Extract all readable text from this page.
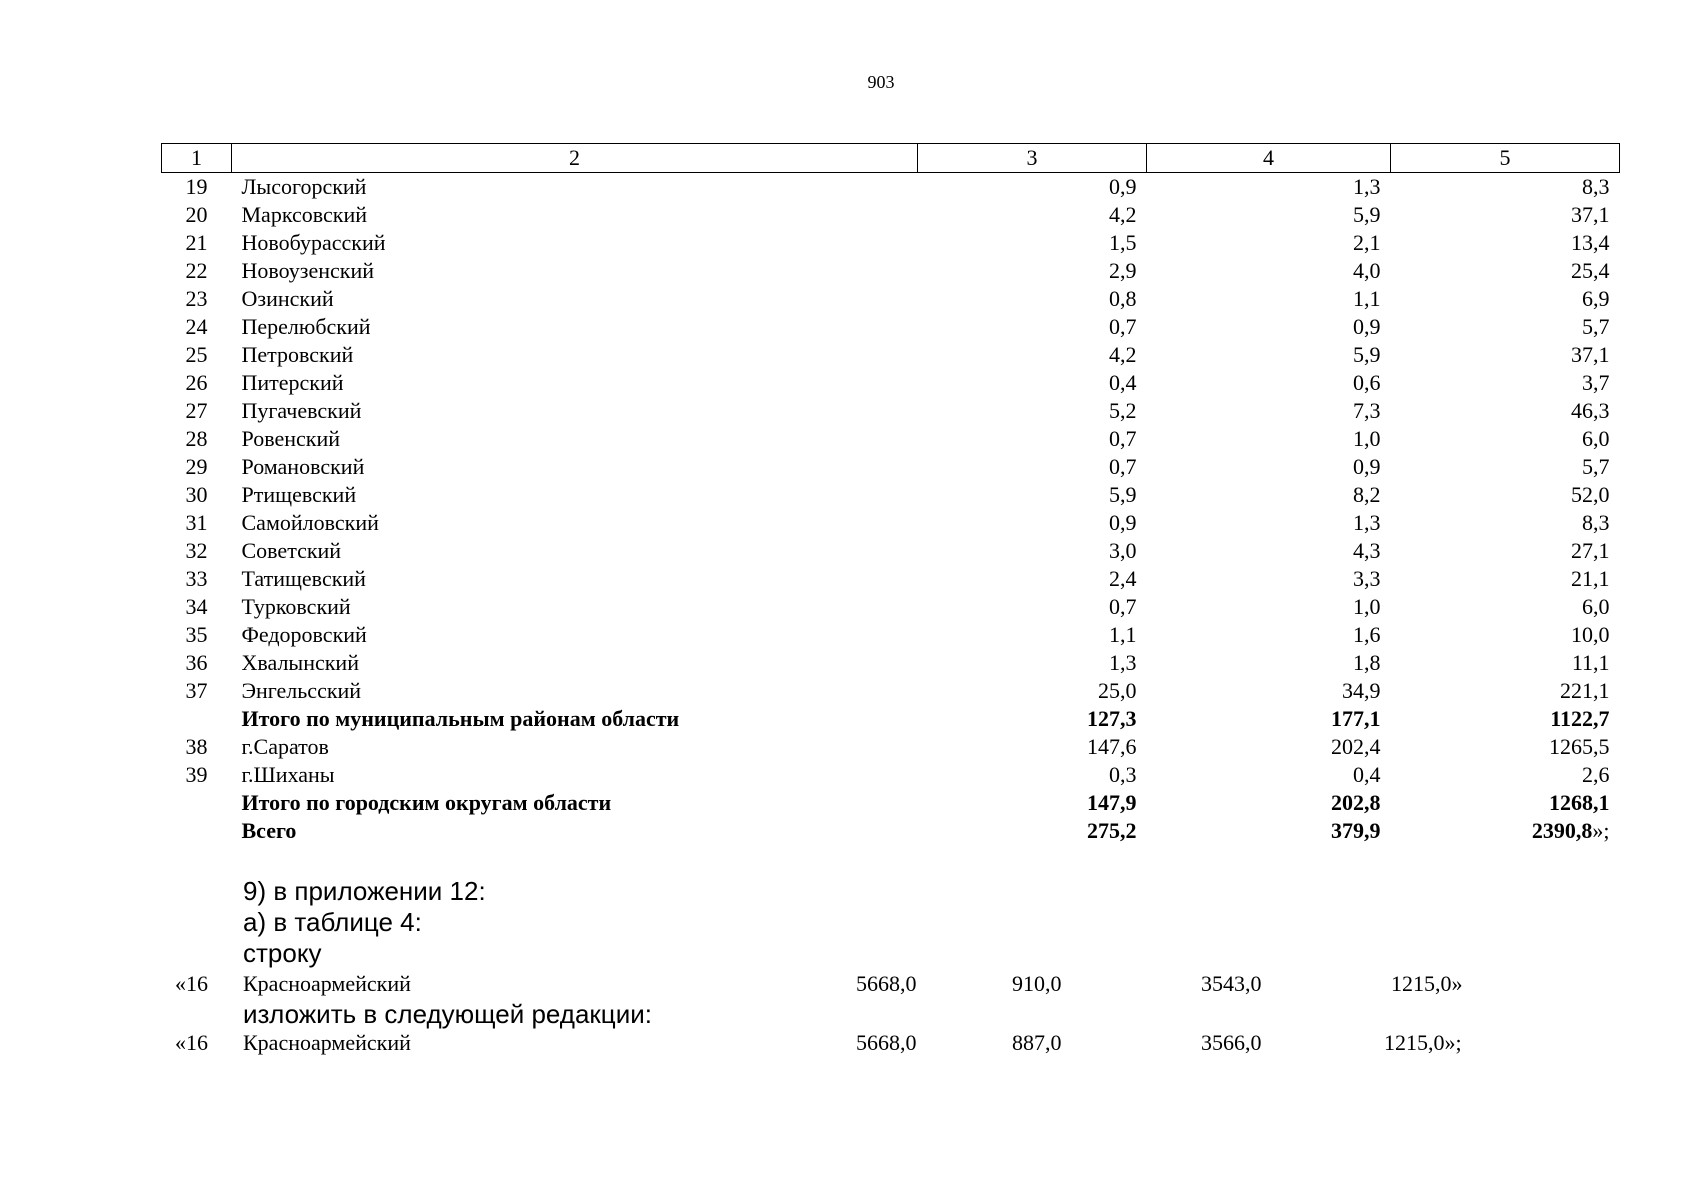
903
1	2	3	4	5
19	Лысогорский	0,9	1,3	8,3
20	Марксовский	4,2	5,9	37,1
21	Новобурасский	1,5	2,1	13,4
22	Новоузенский	2,9	4,0	25,4
23	Озинский	0,8	1,1	6,9
24	Перелюбский	0,7	0,9	5,7
25	Петровский	4,2	5,9	37,1
26	Питерский	0,4	0,6	3,7
27	Пугачевский	5,2	7,3	46,3
28	Ровенский	0,7	1,0	6,0
29	Романовский	0,7	0,9	5,7
30	Ртищевский	5,9	8,2	52,0
31	Самойловский	0,9	1,3	8,3
32	Советский	3,0	4,3	27,1
33	Татищевский	2,4	3,3	21,1
34	Турковский	0,7	1,0	6,0
35	Федоровский	1,1	1,6	10,0
36	Хвалынский	1,3	1,8	11,1
37	Энгельсский	25,0	34,9	221,1
	Итого по муниципальным районам области	127,3	177,1	1122,7
38	г.Саратов	147,6	202,4	1265,5
39	г.Шиханы	0,3	0,4	2,6
	Итого по городским округам области	147,9	202,8	1268,1
	Всего	275,2	379,9	2390,8»;
9) в приложении 12:
а) в таблице 4:
строку
«16 Красноармейский	5668,0	910,0	3543,0	1215,0»
изложить в следующей редакции:
«16 Красноармейский	5668,0	887,0	3566,0	1215,0»;
